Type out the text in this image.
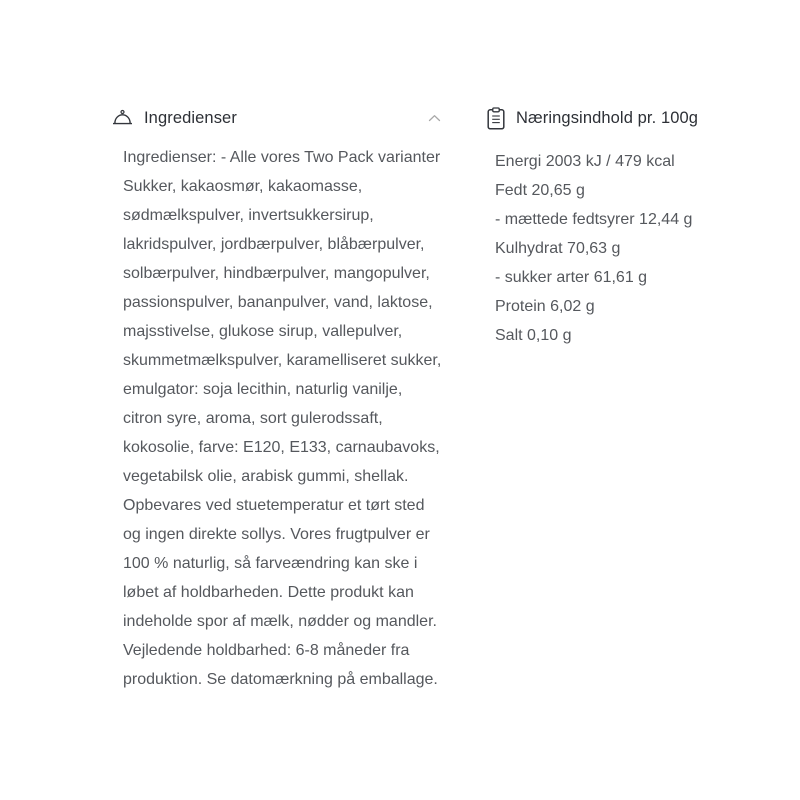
Ingredienser
Ingredienser: - Alle vores Two Pack varianter
Sukker, kakaosmør, kakaomasse,
sødmælkspulver, invertsukkersirup,
lakridspulver, jordbærpulver, blåbærpulver,
solbærpulver, hindbærpulver, mangopulver,
passionspulver, bananpulver, vand, laktose,
majsstivelse, glukose sirup, vallepulver,
skummetmælkspulver, karamelliseret sukker,
emulgator: soja lecithin, naturlig vanilje,
citron syre, aroma, sort gulerodssaft,
kokosolie, farve: E120, E133, carnaubavoks,
vegetabilsk olie, arabisk gummi, shellak.
Opbevares ved stuetemperatur et tørt sted
og ingen direkte sollys. Vores frugtpulver er
100 % naturlig, så farveændring kan ske i
løbet af holdbarheden. Dette produkt kan
indeholde spor af mælk, nødder og mandler.
Vejledende holdbarhed: 6-8 måneder fra
produktion. Se datomærkning på emballage.
Næringsindhold pr. 100g
Energi 2003 kJ / 479 kcal
Fedt 20,65 g
- mættede fedtsyrer 12,44 g
Kulhydrat 70,63 g
- sukker arter 61,61 g
Protein 6,02 g
Salt 0,10 g
